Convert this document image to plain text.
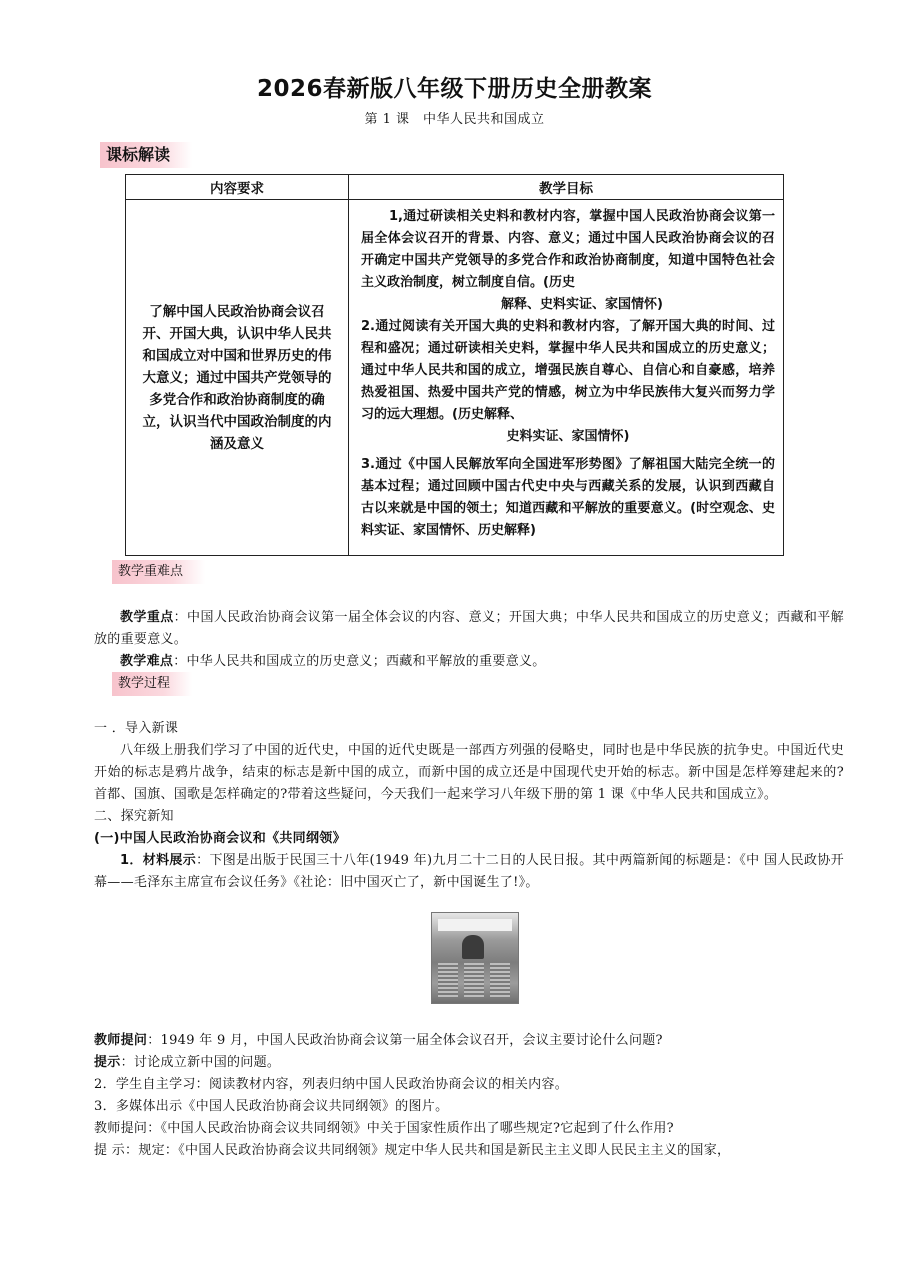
2026春新版八年级下册历史全册教案
第 1 课　中华人民共和国成立
课标解读
内容要求	教学目标
了解中国人民政治协商会议召开、开国大典，认识中华人民共和国成立对中国和世界历史的伟大意义；通过中国共产党领导的多党合作和政治协商制度的确立，认识当代中国政治制度的内涵及意义	1,通过研读相关史料和教材内容，掌握中国人民政治协商会议第一届全体会议召开的背景、内容、意义；通过中国人民政治协商会议的召开确定中国共产党领导的多党合作和政治协商制度，知道中国特色社会主义政治制度，树立制度自信。(历史
解释、史料实证、家国情怀)

2.通过阅读有关开国大典的史料和教材内容，了解开国大典的时间、过程和盛况；通过研读相关史料，掌握中华人民共和国成立的历史意义；通过中华人民共和国的成立，增强民族自尊心、自信心和自豪感，培养热爱祖国、热爱中国共产党的情感，树立为中华民族伟大复兴而努力学习的远大理想。(历史解释、
史料实证、家国情怀)

3.通过《中国人民解放军向全国进军形势图》了解祖国大陆完全统一的基本过程；通过回顾中国古代史中央与西藏关系的发展，认识到西藏自古以来就是中国的领土；知道西藏和平解放的重要意义。(时空观念、史料实证、家国情怀、历史解释)

教学重难点

教学重点：中国人民政治协商会议第一届全体会议的内容、意义；开国大典；中华人民共和国成立的历史意义；西藏和平解放的重要意义。

教学难点：中华人民共和国成立的历史意义；西藏和平解放的重要意义。

教学过程

一 ．导入新课

八年级上册我们学习了中国的近代史，中国的近代史既是一部西方列强的侵略史，同时也是中华民族的抗争史。中国近代史开始的标志是鸦片战争，结束的标志是新中国的成立，而新中国的成立还是中国现代史开始的标志。新中国是怎样筹建起来的?首都、国旗、国歌是怎样确定的?带着这些疑问，今天我们一起来学习八年级下册的第 1 课《中华人民共和国成立》。

二、探究新知

(一)中国人民政治协商会议和《共同纲领》

1．材料展示：下图是出版于民国三十八年(1949 年)九月二十二日的人民日报。其中两篇新闻的标题是：《中 国人民政协开幕——毛泽东主席宣布会议任务》《社论：旧中国灭亡了，新中国诞生了!》。

教师提问：1949 年 9 月，中国人民政治协商会议第一届全体会议召开，会议主要讨论什么问题?

提示：讨论成立新中国的问题。

2．学生自主学习：阅读教材内容，列表归纳中国人民政治协商会议的相关内容。

3．多媒体出示《中国人民政治协商会议共同纲领》的图片。

教师提问：《中国人民政治协商会议共同纲领》中关于国家性质作出了哪些规定?它起到了什么作用?

提 示：规定：《中国人民政治协商会议共同纲领》规定中华人民共和国是新民主主义即人民民主主义的国家，
